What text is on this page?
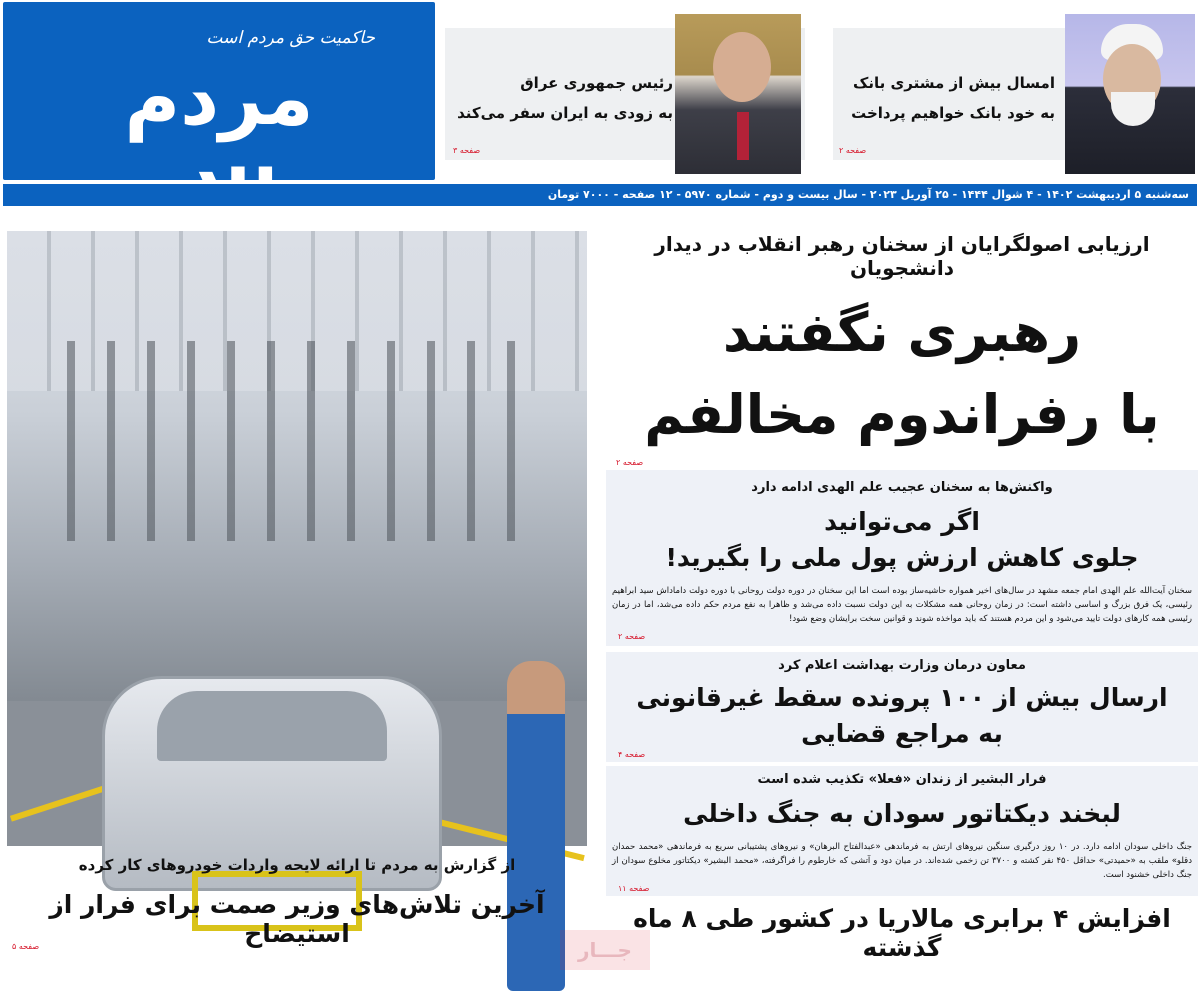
حاکمیت حق مردم است
مردم	امسال بیش از مشتری بانک
به خود بانک خواهیم پرداخت
صفحه ۲
رئیس جمهوری عراق
به زودی به ایران سفر می‌کند
صفحه ۳
سه‌شنبه ۵ اردیبهشت ۱۴۰۲ - ۴ شوال ۱۴۴۴ - ۲۵ آوریل ۲۰۲۳ - سال بیست و دوم - شماره ۵۹۷۰ - ۱۲ صفحه - ۷۰۰۰ تومان
ارزیابی اصولگرایان از سخنان رهبر انقلاب در دیدار دانشجویان
رهبری نگفتند
با رفراندوم مخالفم
صفحه ۲
واکنش‌ها به سخنان عجیب علم الهدی ادامه دارد
اگر می‌توانید
جلوی کاهش ارزش پول ملی را بگیرید!
سخنان آیت‌الله علم الهدی امام جمعه مشهد در سال‌های اخیر همواره حاشیه‌ساز بوده است اما این سخنان در دوره دولت روحانی با دوره دولت داماداش سید ابراهیم رئیسی، یک فرق بزرگ و اساسی داشته است: در زمان روحانی همه مشکلات به این دولت نسبت داده می‌شد و ظاهرا به نفع مردم حکم داده می‌شد، اما در زمان رئیسی همه کارهای دولت تایید می‌شود و این مردم هستند که باید مواخذه شوند و قوانین سخت برایشان وضع شود!
صفحه ۲
معاون درمان وزارت بهداشت اعلام کرد
ارسال بیش از ۱۰۰ پرونده سقط غیرقانونی
به مراجع قضایی
صفحه ۴
فرار البشیر از زندان «فعلا» تکذیب شده است
لبخند دیکتاتور سودان به جنگ داخلی
جنگ داخلی سودان ادامه دارد. در ۱۰ روز درگیری سنگین نیروهای ارتش به فرماندهی «عبدالفتاح البرهان» و نیروهای پشتیبانی سریع به فرماندهی «محمد حمدان دقلو» ملقب به «حمیدتی» حداقل ۴۵۰ نفر کشته و ۳۷۰۰ تن زخمی شده‌اند. در میان دود و آتشی که خارطوم را فراگرفته، «محمد البشیر» دیکتاتور مخلوع سودان از جنگ داخلی خشنود است.
صفحه ۱۱
افزایش ۴ برابری مالاریا در کشور طی ۸ ماه گذشته
از گزارش به مردم تا ارائه لایحه واردات خودروهای کار کرده
آخرین تلاش‌های وزیر صمت برای فرار از استیضاح
صفحه ۵	جـــار
